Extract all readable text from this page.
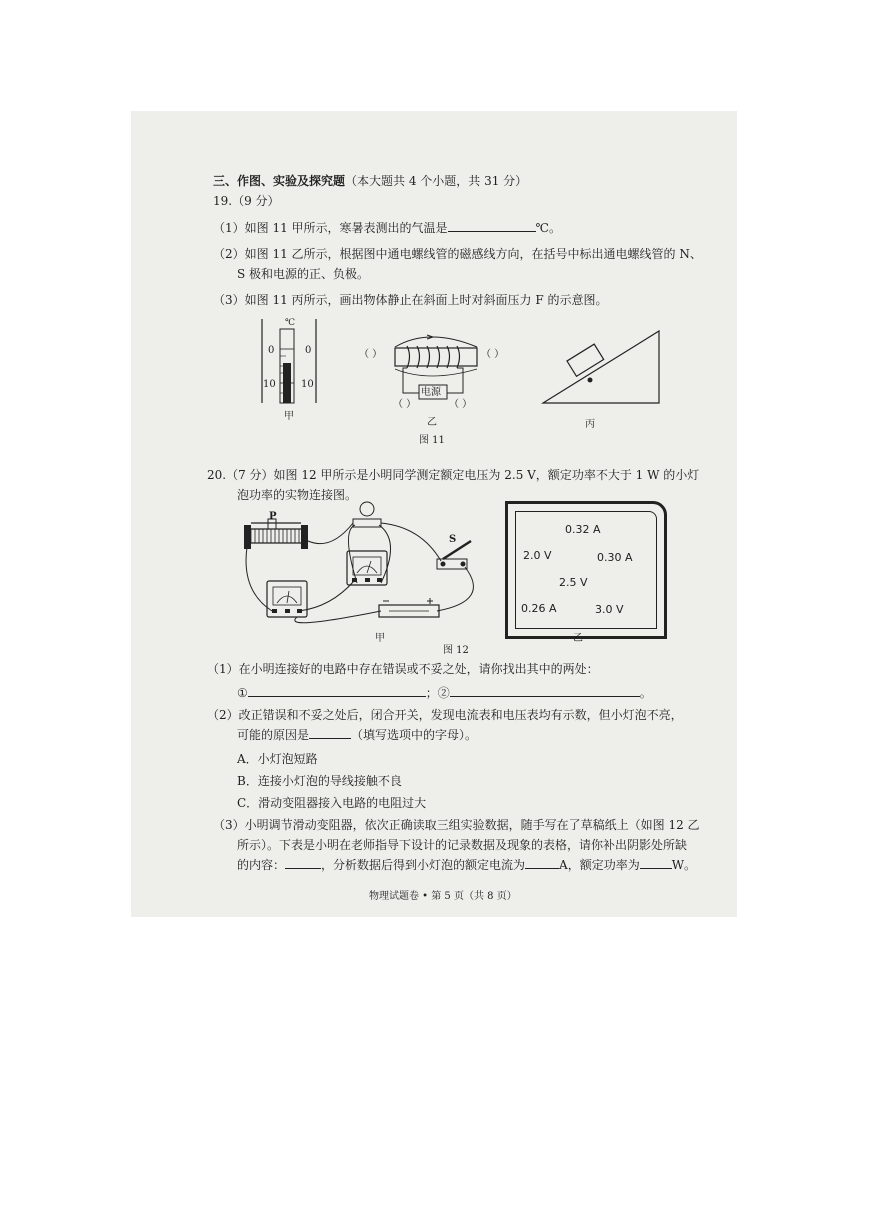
三、作图、实验及探究题（本大题共 4 个小题，共 31 分）
19.（9 分）
（1）如图 11 甲所示，寒暑表测出的气温是	℃。
（2）如图 11 乙所示，根据图中通电螺线管的磁感线方向，在括号中标出通电螺线管的 N、
S 极和电源的正、负极。
（3）如图 11 丙所示，画出物体静止在斜面上时对斜面压力 F 的示意图。
℃
0	0
10	10
甲
（ ）	（ ）
电源
（ ）	（ ）
乙	丙
图 11
20.（7 分）如图 12 甲所示是小明同学测定额定电压为 2.5 V，额定功率不大于 1 W 的小灯
泡功率的实物连接图。
P
S
甲
0.32 A
2.0 V	0.30 A
2.5 V
0.26 A	3.0 V
乙
图 12
（1）在小明连接好的电路中存在错误或不妥之处，请你找出其中的两处：
①	；②	。
（2）改正错误和不妥之处后，闭合开关，发现电流表和电压表均有示数，但小灯泡不亮，
可能的原因是	（填写选项中的字母）。
A．小灯泡短路
B．连接小灯泡的导线接触不良
C．滑动变阻器接入电路的电阻过大
（3）小明调节滑动变阻器，依次正确读取三组实验数据，随手写在了草稿纸上（如图 12 乙
所示）。下表是小明在老师指导下设计的记录数据及现象的表格，请你补出阴影处所缺
的内容：	，分析数据后得到小灯泡的额定电流为	A，额定功率为	W。
物理试题卷 • 第 5 页（共 8 页）
